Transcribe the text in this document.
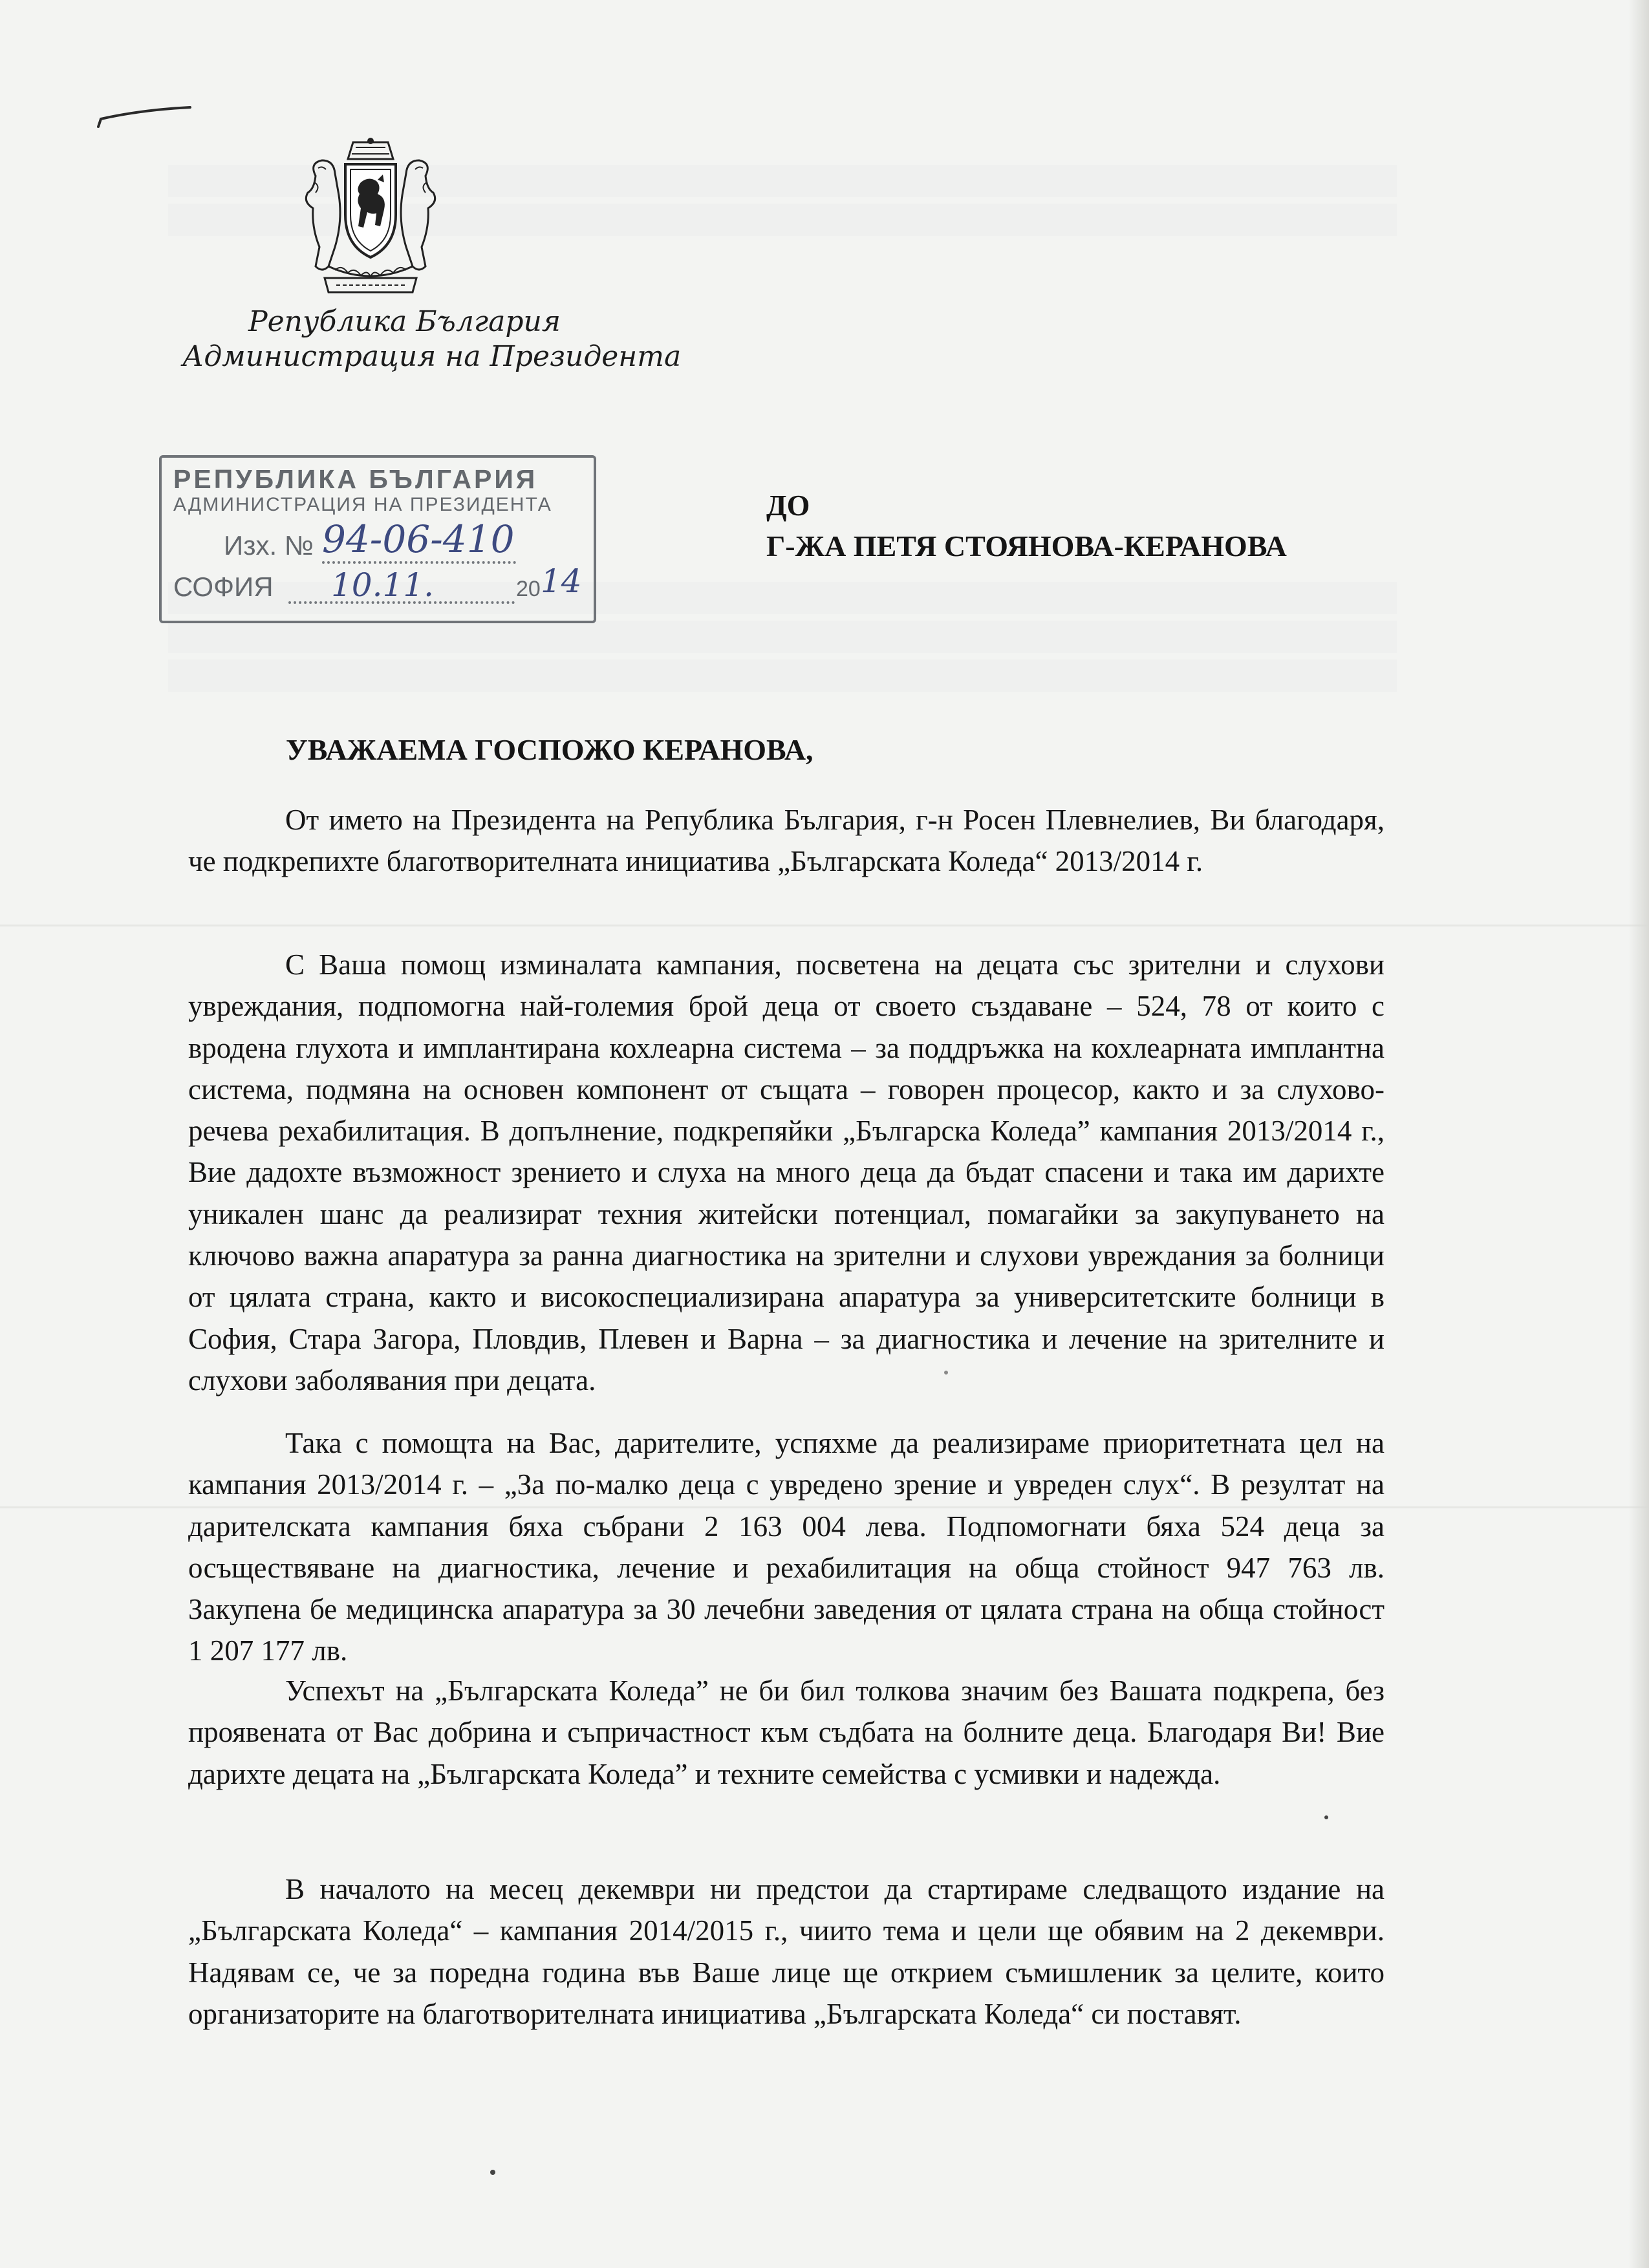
Република България
Администрация на Президента
РЕПУБЛИКА БЪЛГАРИЯ
АДМИНИСТРАЦИЯ НА ПРЕЗИДЕНТА
Изх. № 94-06-410
СОФИЯ 10.11.	20 14
ДО
Г-ЖА ПЕТЯ СТОЯНОВА-КЕРАНОВА
УВАЖАЕМА ГОСПОЖО КЕРАНОВА,

От името на Президента на Република България, г-н Росен Плевнелиев, Ви благодаря, че подкрепихте благотворителната инициатива „Българската Коледа“ 2013/2014 г.

С Ваша помощ изминалата кампания, посветена на децата със зрителни и слухови увреждания, подпомогна най-големия брой деца от своето създаване – 524, 78 от които с вродена глухота и имплантирана кохлеарна система – за поддръжка на кохлеарната имплантна система, подмяна на основен компонент от същата – говорен процесор, както и за слухово-речева рехабилитация. В допълнение, подкрепяйки „Българска Коледа” кампания 2013/2014 г., Вие дадохте възможност зрението и слуха на много деца да бъдат спасени и така им дарихте уникален шанс да реализират техния житейски потенциал, помагайки за закупуването на ключово важна апаратура за ранна диагностика на зрителни и слухови увреждания за болници от цялата страна, както и високоспециализирана апаратура за университетските болници в София, Стара Загора, Пловдив, Плевен и Варна – за диагностика и лечение на зрителните и слухови заболявания при децата.

Така с помощта на Вас, дарителите, успяхме да реализираме приоритетната цел на кампания 2013/2014 г. – „За по-малко деца с увредено зрение и увреден слух“. В резултат на дарителската кампания бяха събрани 2 163 004 лева. Подпомогнати бяха 524 деца за осъществяване на диагностика, лечение и рехабилитация на обща стойност 947 763 лв. Закупена бе медицинска апаратура за 30 лечебни заведения от цялата страна на обща стойност 1 207 177 лв.

Успехът на „Българската Коледа” не би бил толкова значим без Вашата подкрепа, без проявената от Вас добрина и съпричастност към съдбата на болните деца. Благодаря Ви! Вие дарихте децата на „Българската Коледа” и техните семейства с усмивки и надежда.

В началото на месец декември ни предстои да стартираме следващото издание на „Българската Коледа“ – кампания 2014/2015 г., чиито тема и цели ще обявим на 2 декември. Надявам се, че за поредна година във Ваше лице ще открием съмишленик за целите, които организаторите на благотворителната инициатива „Българската Коледа“ си поставят.
